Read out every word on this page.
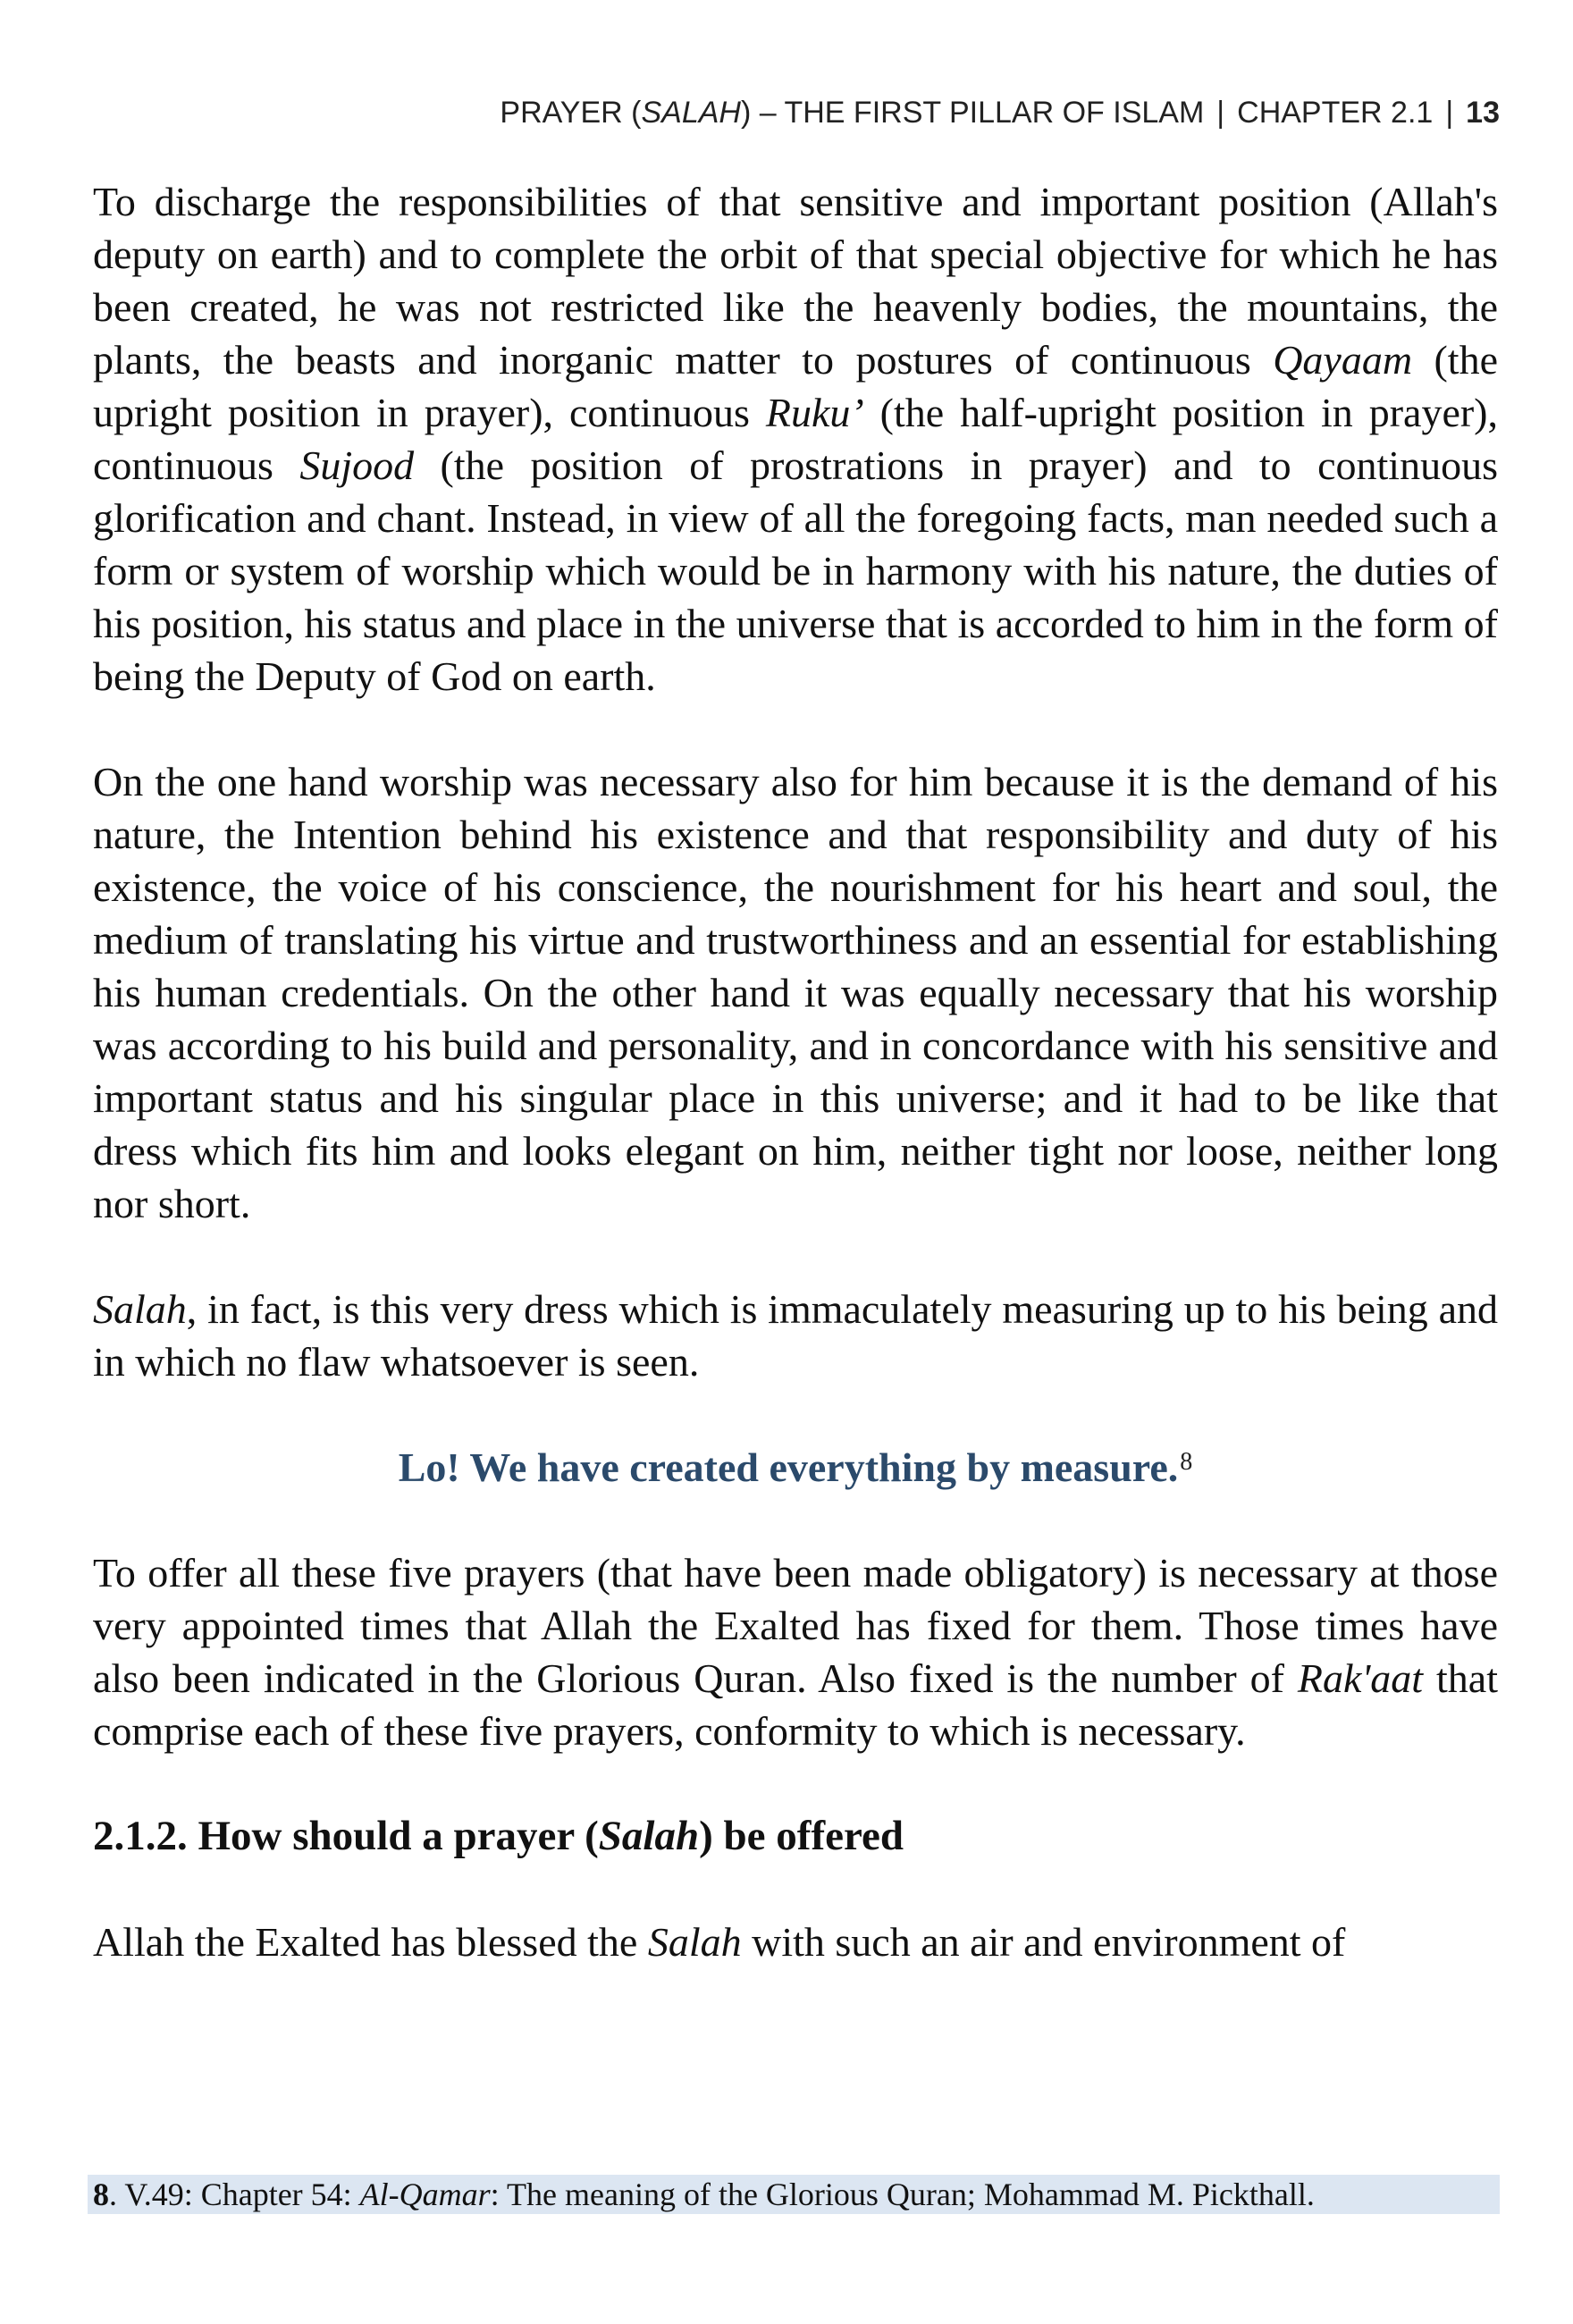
PRAYER (SALAH) – THE FIRST PILLAR OF ISLAM | CHAPTER 2.1 | 13

To discharge the responsibilities of that sensitive and important position (Allah's deputy on earth) and to complete the orbit of that special objective for which he has been created, he was not restricted like the heavenly bodies, the mountains, the plants, the beasts and inorganic matter to postures of continuous Qayaam (the upright position in prayer), continuous Ruku’ (the half-upright position in prayer), continuous Sujood (the position of prostrations in prayer) and to continuous glorification and chant. Instead, in view of all the foregoing facts, man needed such a form or system of worship which would be in harmony with his nature, the duties of his position, his status and place in the universe that is accorded to him in the form of being the Deputy of God on earth.

On the one hand worship was necessary also for him because it is the demand of his nature, the Intention behind his existence and that responsibility and duty of his existence, the voice of his conscience, the nourishment for his heart and soul, the medium of translating his virtue and trustworthiness and an essential for establishing his human credentials. On the other hand it was equally necessary that his worship was according to his build and personality, and in concordance with his sensitive and important status and his singular place in this universe; and it had to be like that dress which fits him and looks elegant on him, neither tight nor loose, neither long nor short.

Salah, in fact, is this very dress which is immaculately measuring up to his being and in which no flaw whatsoever is seen.

Lo! We have created everything by measure.$^8$

To offer all these five prayers (that have been made obligatory) is necessary at those very appointed times that Allah the Exalted has fixed for them. Those times have also been indicated in the Glorious Quran. Also fixed is the number of Rak'aat that comprise each of these five prayers, conformity to which is necessary.

2.1.2. How should a prayer (Salah) be offered

Allah the Exalted has blessed the Salah with such an air and environment of

8. V.49: Chapter 54: Al-Qamar: The meaning of the Glorious Quran; Mohammad M. Pickthall.
